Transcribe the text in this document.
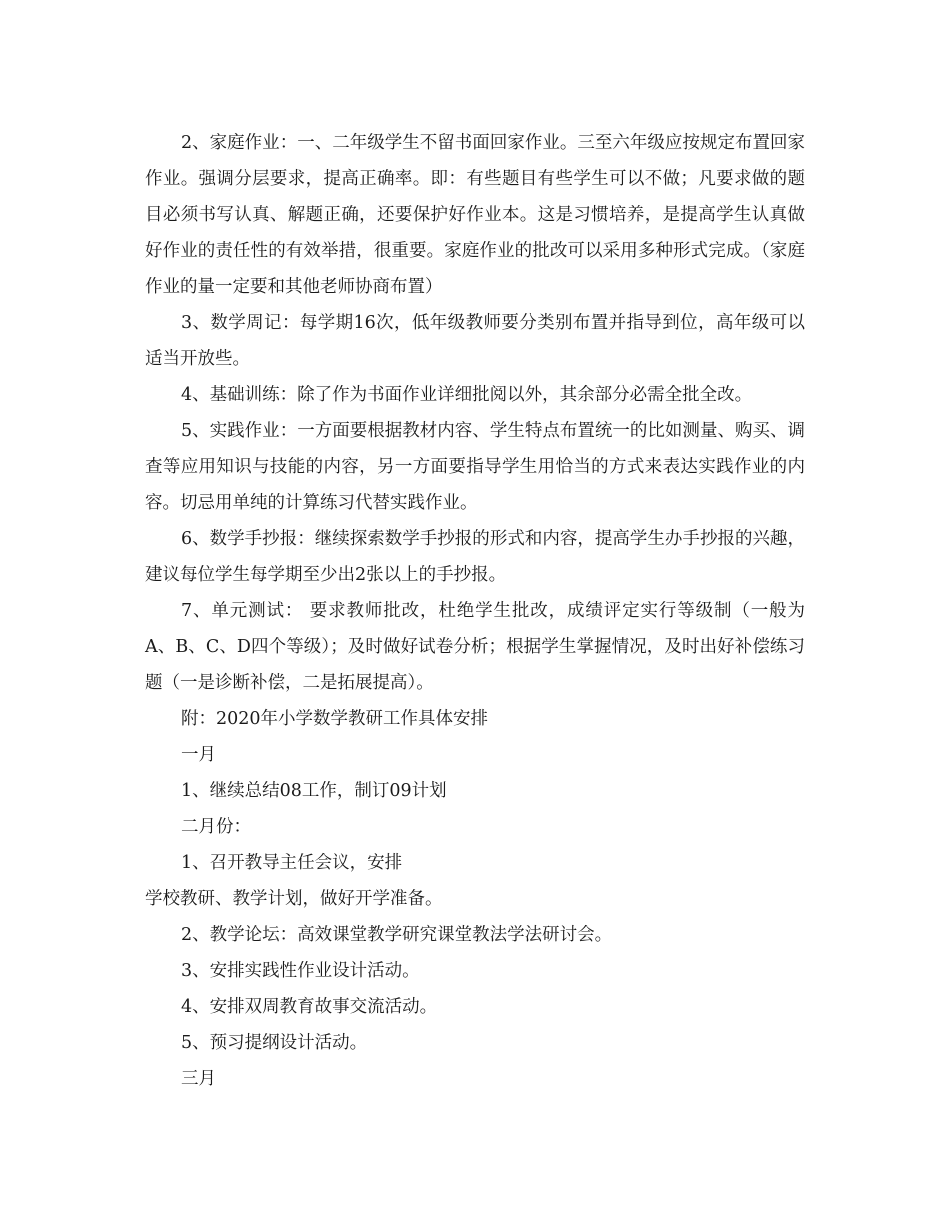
2、家庭作业：一、二年级学生不留书面回家作业。三至六年级应按规定布置回家作业。强调分层要求，提高正确率。即：有些题目有些学生可以不做；凡要求做的题目必须书写认真、解题正确，还要保护好作业本。这是习惯培养，是提高学生认真做好作业的责任性的有效举措，很重要。家庭作业的批改可以采用多种形式完成。（家庭作业的量一定要和其他老师协商布置）

3、数学周记：每学期16次，低年级教师要分类别布置并指导到位，高年级可以适当开放些。

4、基础训练：除了作为书面作业详细批阅以外，其余部分必需全批全改。

5、实践作业：一方面要根据教材内容、学生特点布置统一的比如测量、购买、调查等应用知识与技能的内容，另一方面要指导学生用恰当的方式来表达实践作业的内容。切忌用单纯的计算练习代替实践作业。

6、数学手抄报：继续探索数学手抄报的形式和内容，提高学生办手抄报的兴趣，建议每位学生每学期至少出2张以上的手抄报。

7、单元测试： 要求教师批改，杜绝学生批改，成绩评定实行等级制（一般为A、B、C、D四个等级）；及时做好试卷分析；根据学生掌握情况，及时出好补偿练习题（一是诊断补偿，二是拓展提高）。

附：2020年小学数学教研工作具体安排

一月

1、继续总结08工作，制订09计划

二月份：

1、召开教导主任会议，安排

学校教研、教学计划，做好开学准备。

2、教学论坛：高效课堂教学研究课堂教法学法研讨会。

3、安排实践性作业设计活动。

4、安排双周教育故事交流活动。

5、预习提纲设计活动。

三月
